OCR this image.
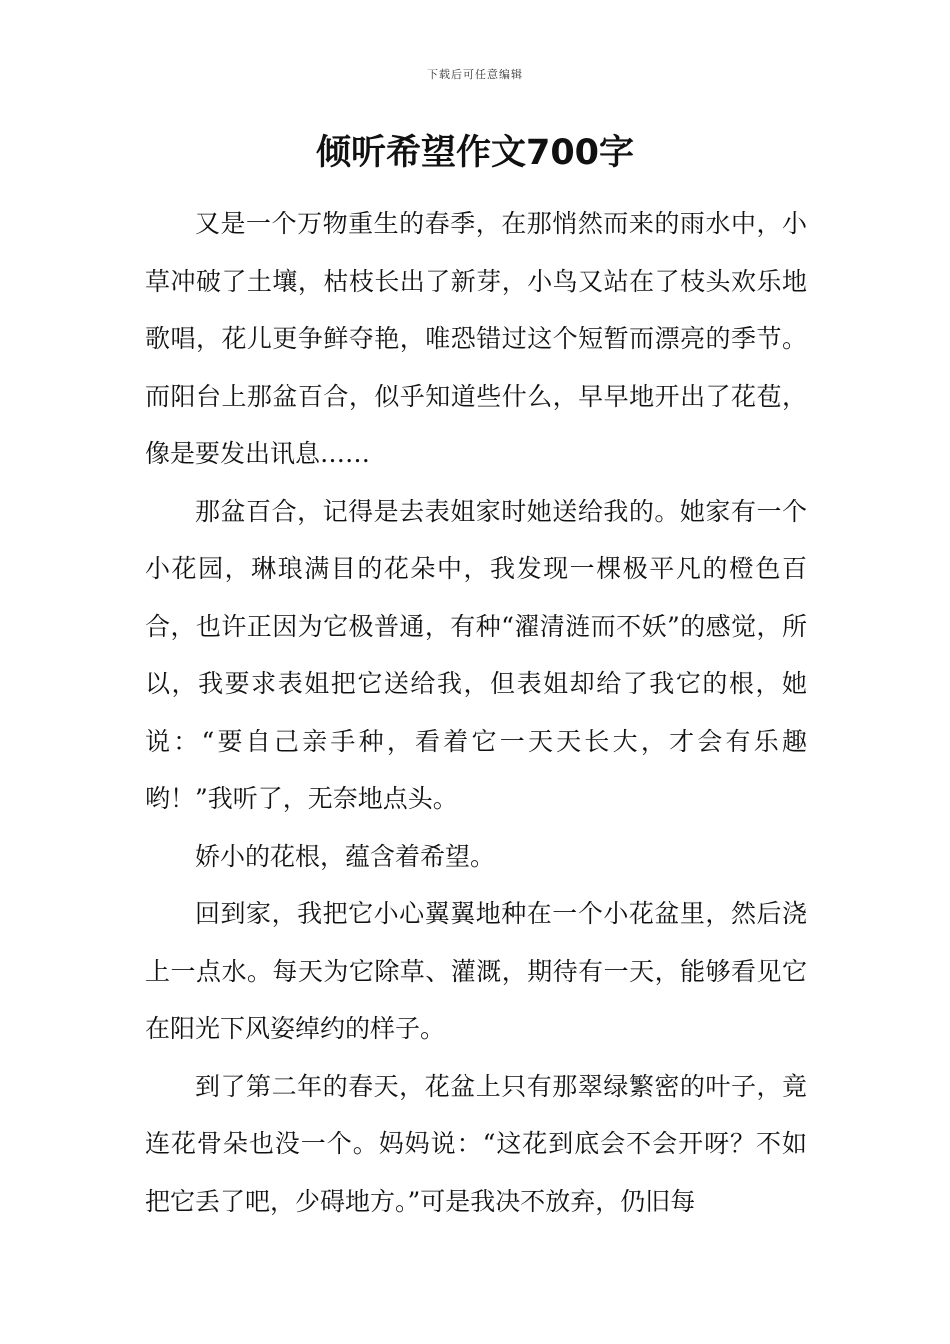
下载后可任意编辑
倾听希望作文700字

又是一个万物重生的春季，在那悄然而来的雨水中，小草冲破了土壤，枯枝长出了新芽，小鸟又站在了枝头欢乐地歌唱，花儿更争鲜夺艳，唯恐错过这个短暂而漂亮的季节。而阳台上那盆百合，似乎知道些什么，早早地开出了花苞，像是要发出讯息……

那盆百合，记得是去表姐家时她送给我的。她家有一个小花园，琳琅满目的花朵中，我发现一棵极平凡的橙色百合，也许正因为它极普通，有种“濯清涟而不妖”的感觉，所以，我要求表姐把它送给我，但表姐却给了我它的根，她说：“要自己亲手种，看着它一天天长大，才会有乐趣哟！”我听了，无奈地点头。

娇小的花根，蕴含着希望。

回到家，我把它小心翼翼地种在一个小花盆里，然后浇上一点水。每天为它除草、灌溉，期待有一天，能够看见它在阳光下风姿绰约的样子。

到了第二年的春天，花盆上只有那翠绿繁密的叶子，竟连花骨朵也没一个。妈妈说：“这花到底会不会开呀？不如把它丢了吧，少碍地方。”可是我决不放弃，仍旧每
